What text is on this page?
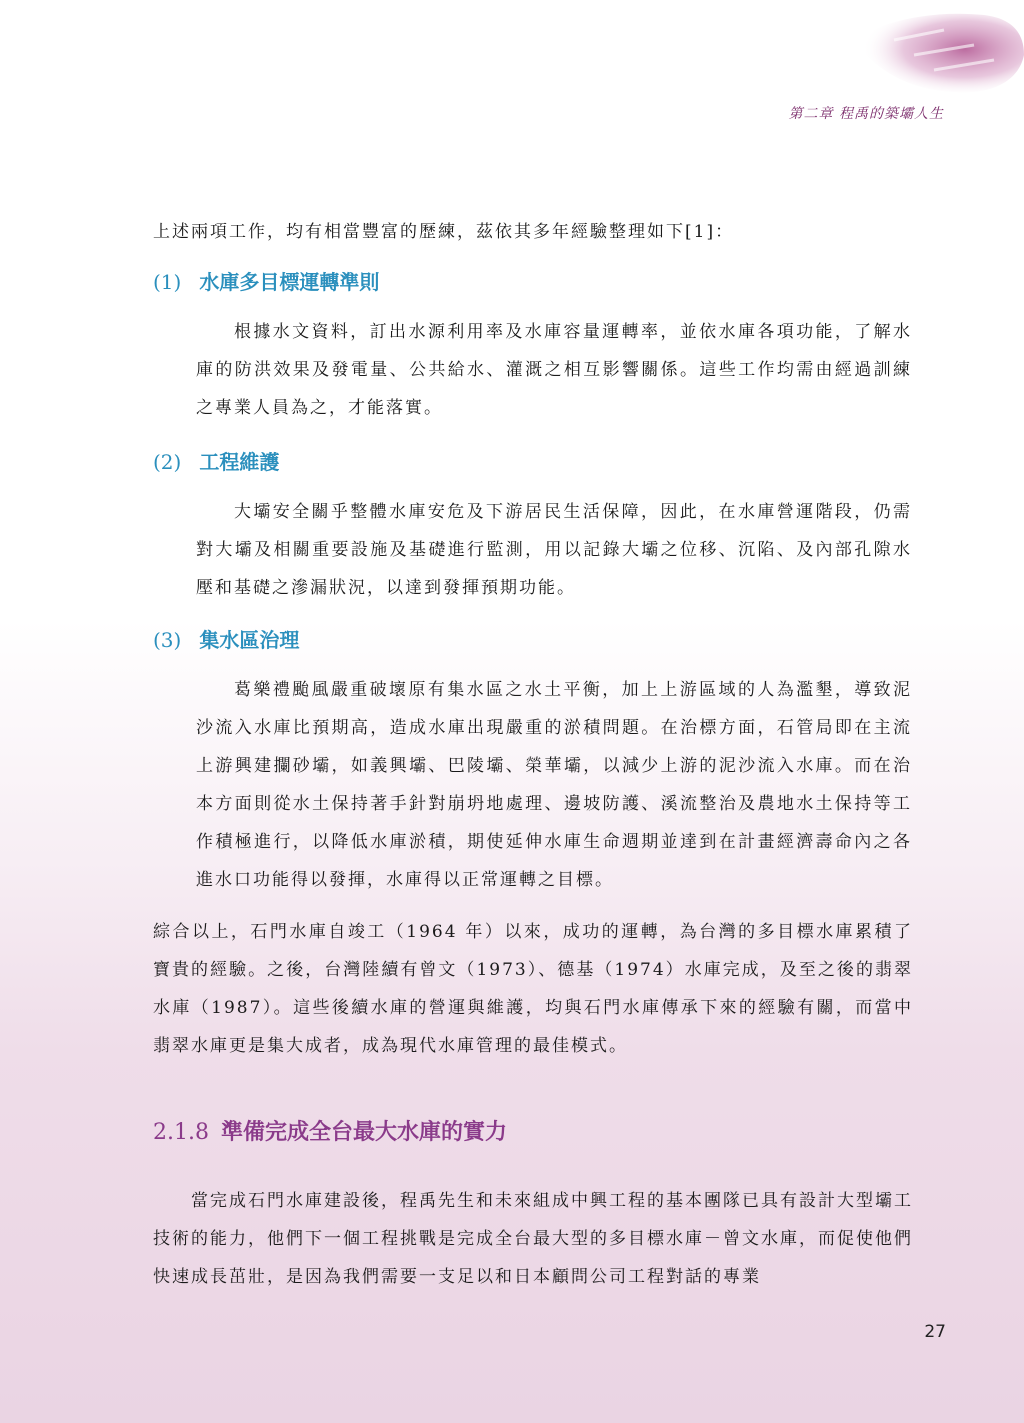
第二章 程禹的築壩人生

上述兩項工作，均有相當豐富的歷練，茲依其多年經驗整理如下[1]：

(1) 水庫多目標運轉準則

根據水文資料，訂出水源利用率及水庫容量運轉率，並依水庫各項功能，了解水庫的防洪效果及發電量、公共給水、灌溉之相互影響關係。這些工作均需由經過訓練之專業人員為之，才能落實。

(2) 工程維護

大壩安全關乎整體水庫安危及下游居民生活保障，因此，在水庫營運階段，仍需對大壩及相關重要設施及基礎進行監測，用以記錄大壩之位移、沉陷、及內部孔隙水壓和基礎之滲漏狀況，以達到發揮預期功能。

(3) 集水區治理

葛樂禮颱風嚴重破壞原有集水區之水土平衡，加上上游區域的人為濫墾，導致泥沙流入水庫比預期高，造成水庫出現嚴重的淤積問題。在治標方面，石管局即在主流上游興建攔砂壩，如義興壩、巴陵壩、榮華壩，以減少上游的泥沙流入水庫。而在治本方面則從水土保持著手針對崩坍地處理、邊坡防護、溪流整治及農地水土保持等工作積極進行，以降低水庫淤積，期使延伸水庫生命週期並達到在計畫經濟壽命內之各進水口功能得以發揮，水庫得以正常運轉之目標。

綜合以上，石門水庫自竣工（1964 年）以來，成功的運轉，為台灣的多目標水庫累積了寶貴的經驗。之後，台灣陸續有曾文（1973）、德基（1974）水庫完成，及至之後的翡翠水庫（1987）。這些後續水庫的營運與維護，均與石門水庫傳承下來的經驗有關，而當中翡翠水庫更是集大成者，成為現代水庫管理的最佳模式。

2.1.8 準備完成全台最大水庫的實力

當完成石門水庫建設後，程禹先生和未來組成中興工程的基本團隊已具有設計大型壩工技術的能力，他們下一個工程挑戰是完成全台最大型的多目標水庫－曾文水庫，而促使他們快速成長茁壯，是因為我們需要一支足以和日本顧問公司工程對話的專業

27
